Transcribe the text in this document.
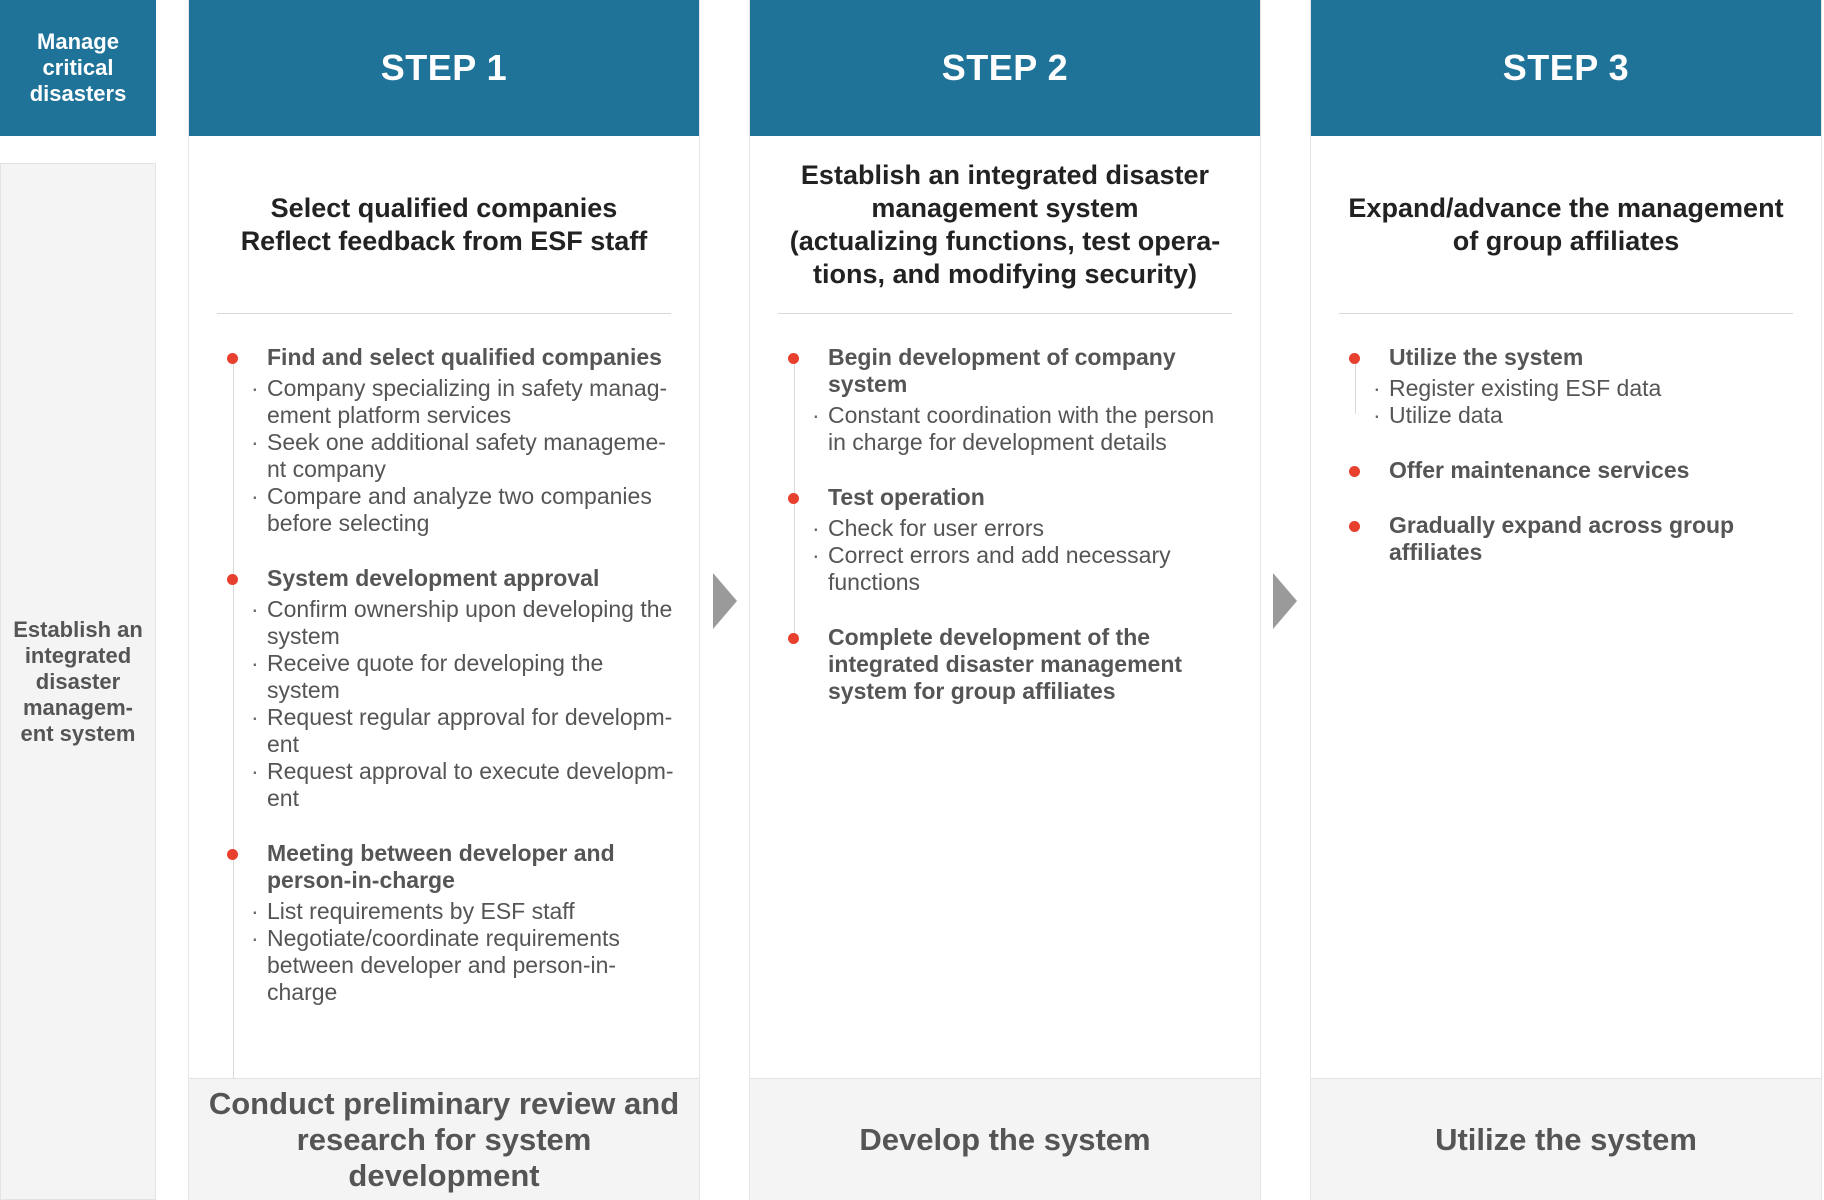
Manage critical disasters
Establish an integrated disaster managem-ent system
STEP 1
Select qualified companies
Reflect feedback from ESF staff
Find and select qualified companies
· Company specializing in safety manag-ement platform services
· Seek one additional safety manageme-nt company
· Compare and analyze two companies before selecting
System development approval
· Confirm ownership upon developing the system
· Receive quote for developing the system
· Request regular approval for developm-ent
· Request approval to execute developm-ent
Meeting between developer and person-in-charge
· List requirements by ESF staff
· Negotiate/coordinate requirements between developer and person-in-charge
Conduct preliminary review and research for system development
STEP 2
Establish an integrated disaster
management system
(actualizing functions, test opera-
tions, and modifying security)
Begin development of company system
· Constant coordination with the person in charge for development details
Test operation
· Check for user errors
· Correct errors and add necessary functions
Complete development of the integrated disaster management system for group affiliates
Develop the system
STEP 3
Expand/advance the management
of group affiliates
Utilize the system
· Register existing ESF data
· Utilize data
Offer maintenance services
Gradually expand across group affiliates
Utilize the system
